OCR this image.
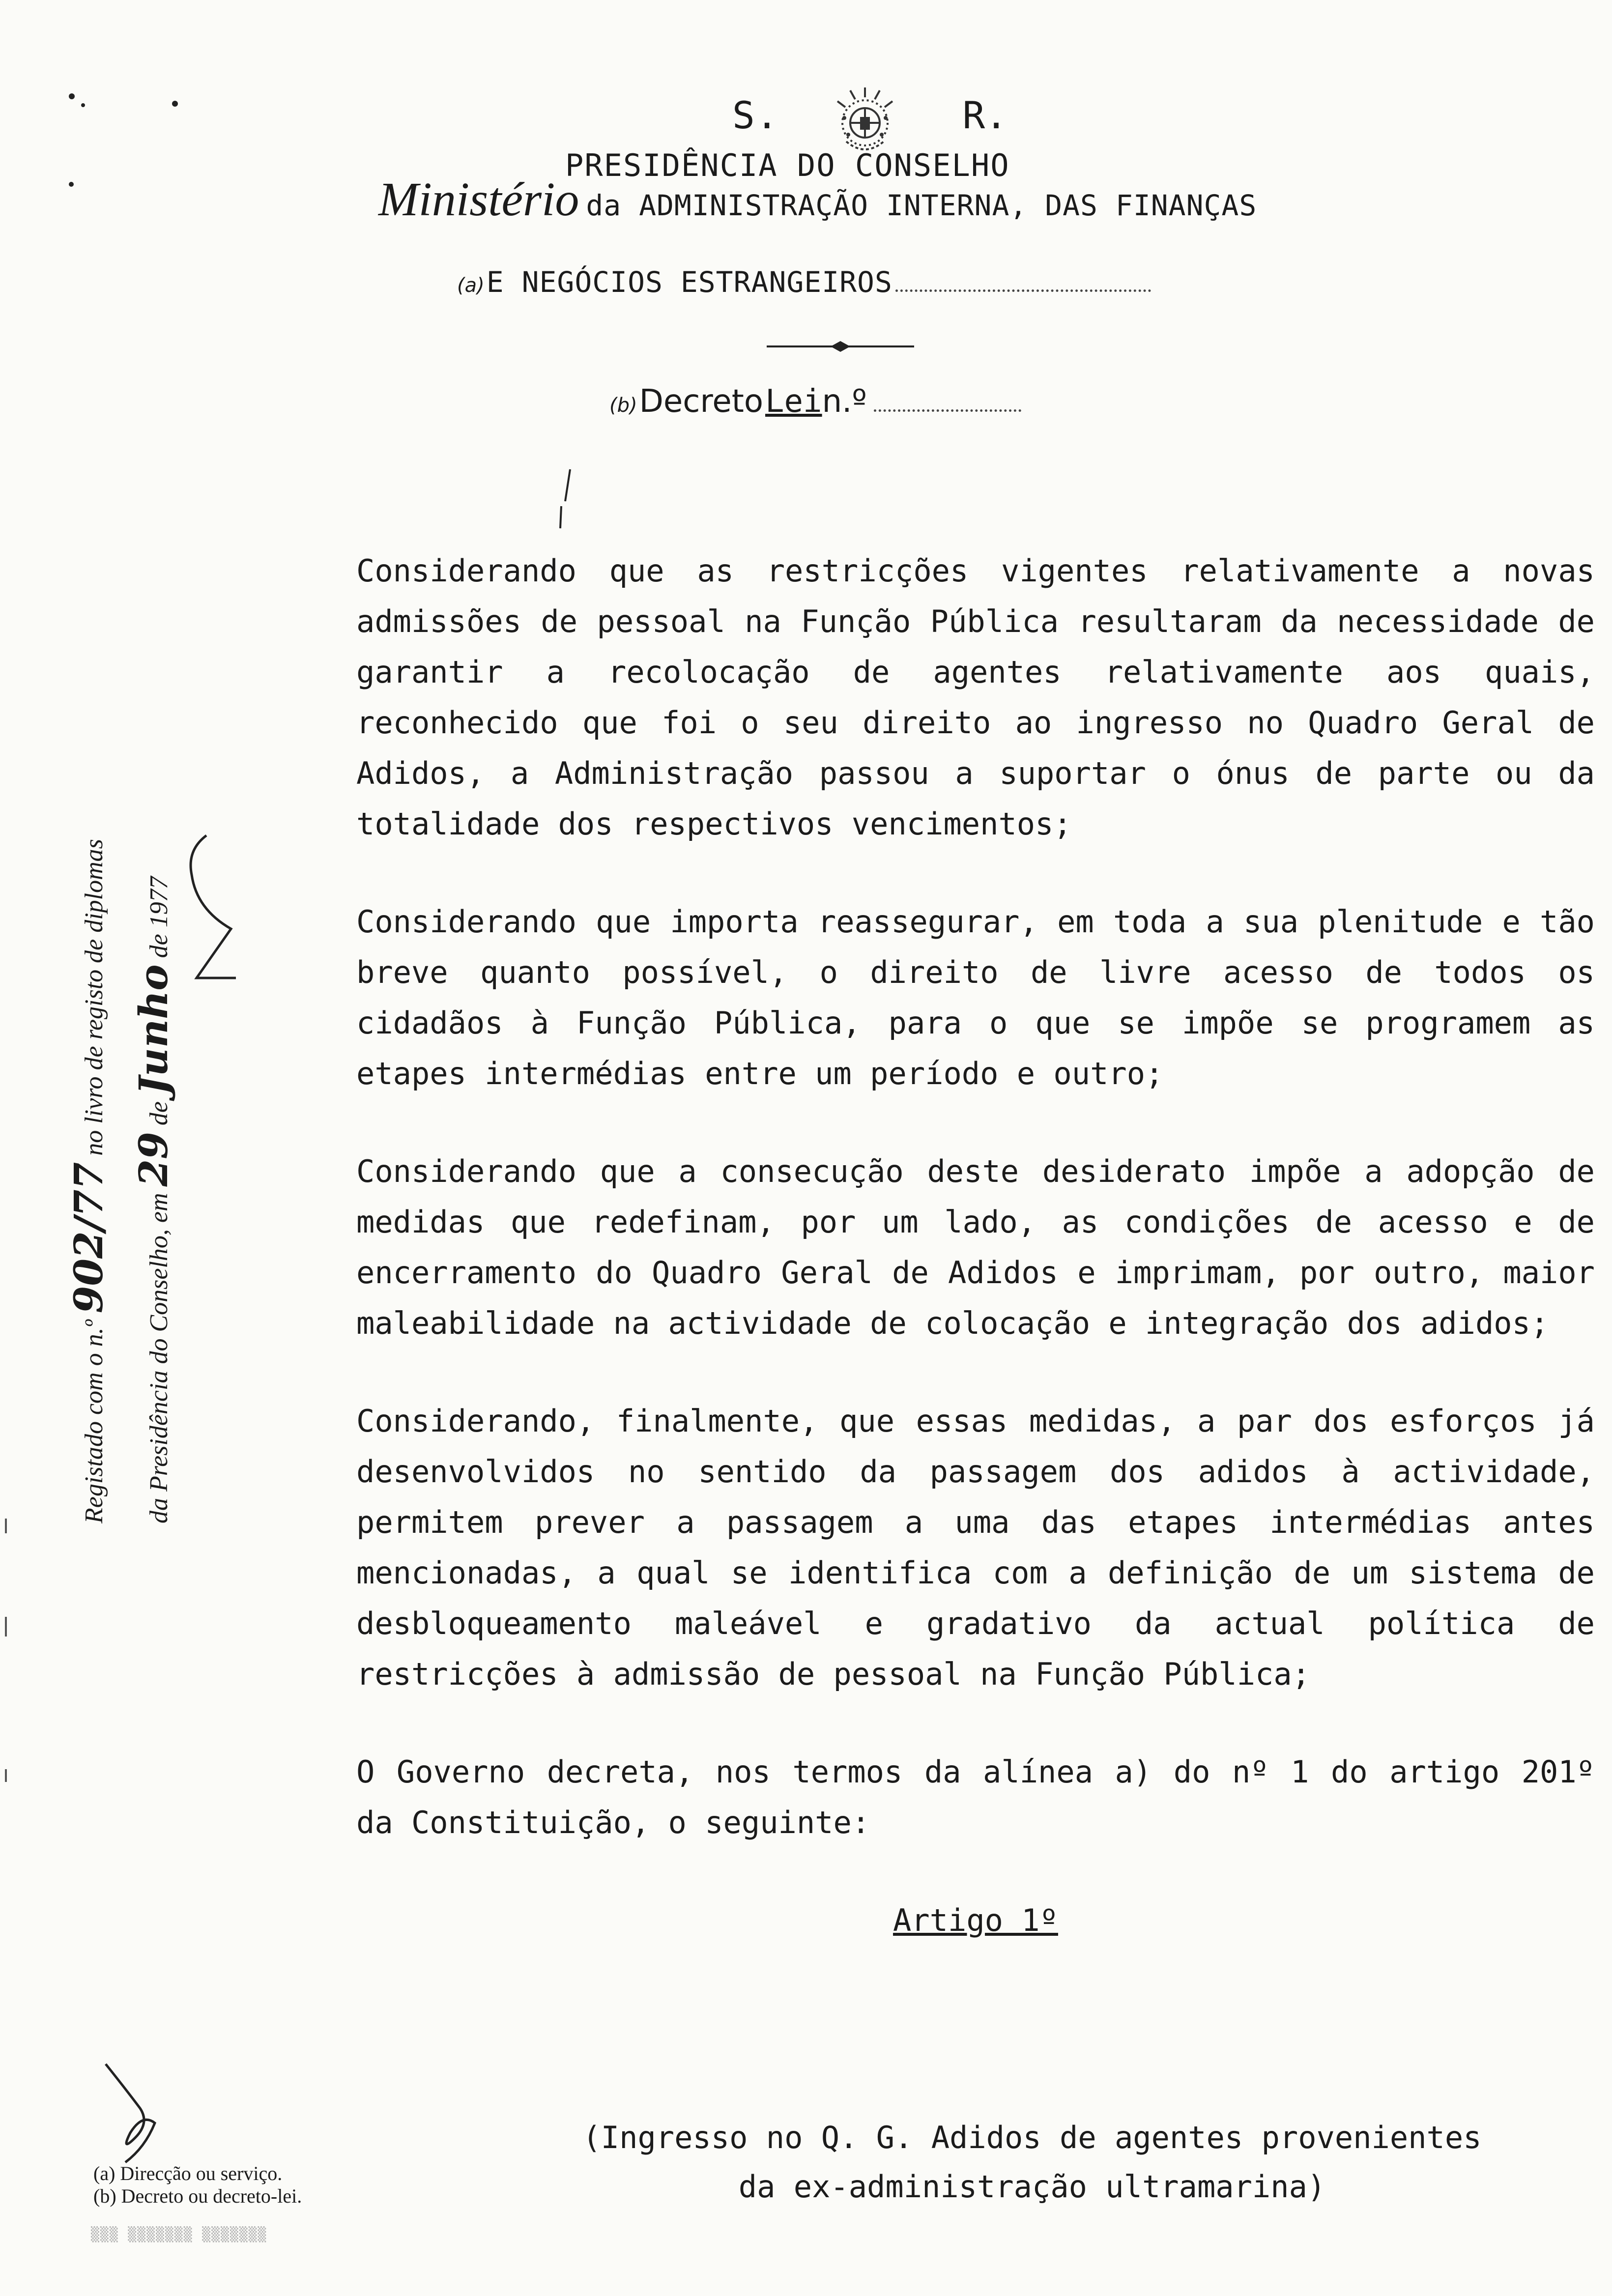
S.	R.
PRESIDÊNCIA DO CONSELHO
Ministério da ADMINISTRAÇÃO INTERNA, DAS FINANÇAS
(a) E NEGÓCIOS ESTRANGEIROS
(b) Decreto Lein.º

Considerando que as restricções vigentes relativamente a novas admissões de pessoal na Função Pública resultaram da necessidade de garantir a recolocação de agentes relativamente aos quais, reconhecido que foi o seu direito ao ingresso no Quadro Geral de Adidos, a Administração passou a suportar o ónus de parte ou da totalidade dos respectivos vencimentos;

Considerando que importa reassegurar, em toda a sua plenitude e tão breve quanto possível, o direito de livre acesso de todos os cidadãos à Função Pública, para o que se impõe se programem as etapes intermédias entre um período e outro;

Considerando que a consecução deste desiderato impõe a adopção de medidas que redefinam, por um lado, as condições de acesso e de encerramento do Quadro Geral de Adidos e imprimam, por outro, maior maleabilidade na actividade de colocação e integração dos adidos;

Considerando, finalmente, que essas medidas, a par dos esforços já desenvolvidos no sentido da passagem dos adidos à actividade, permitem prever a passagem a uma das etapes intermédias antes mencionadas, a qual se identifica com a definição de um sistema de desbloqueamento maleável e gradativo da actual política de restricções à admissão de pessoal na Função Pública;

O Governo decreta, nos termos da alínea a) do nº 1 do artigo 201º da Constituição, o seguinte:

Artigo 1º

(Ingresso no Q. G. Adidos de agentes provenientes
da ex-administração ultramarina)
Registado com o n.º 902/77 no livro de registo de diplomas
da Presidência do Conselho, em 29 de Junho de 1977
(a) Direcção ou serviço.
(b) Decreto ou decreto-lei.
▒▒▒ ▒▒▒▒▒▒▒ ▒▒▒▒▒▒▒
